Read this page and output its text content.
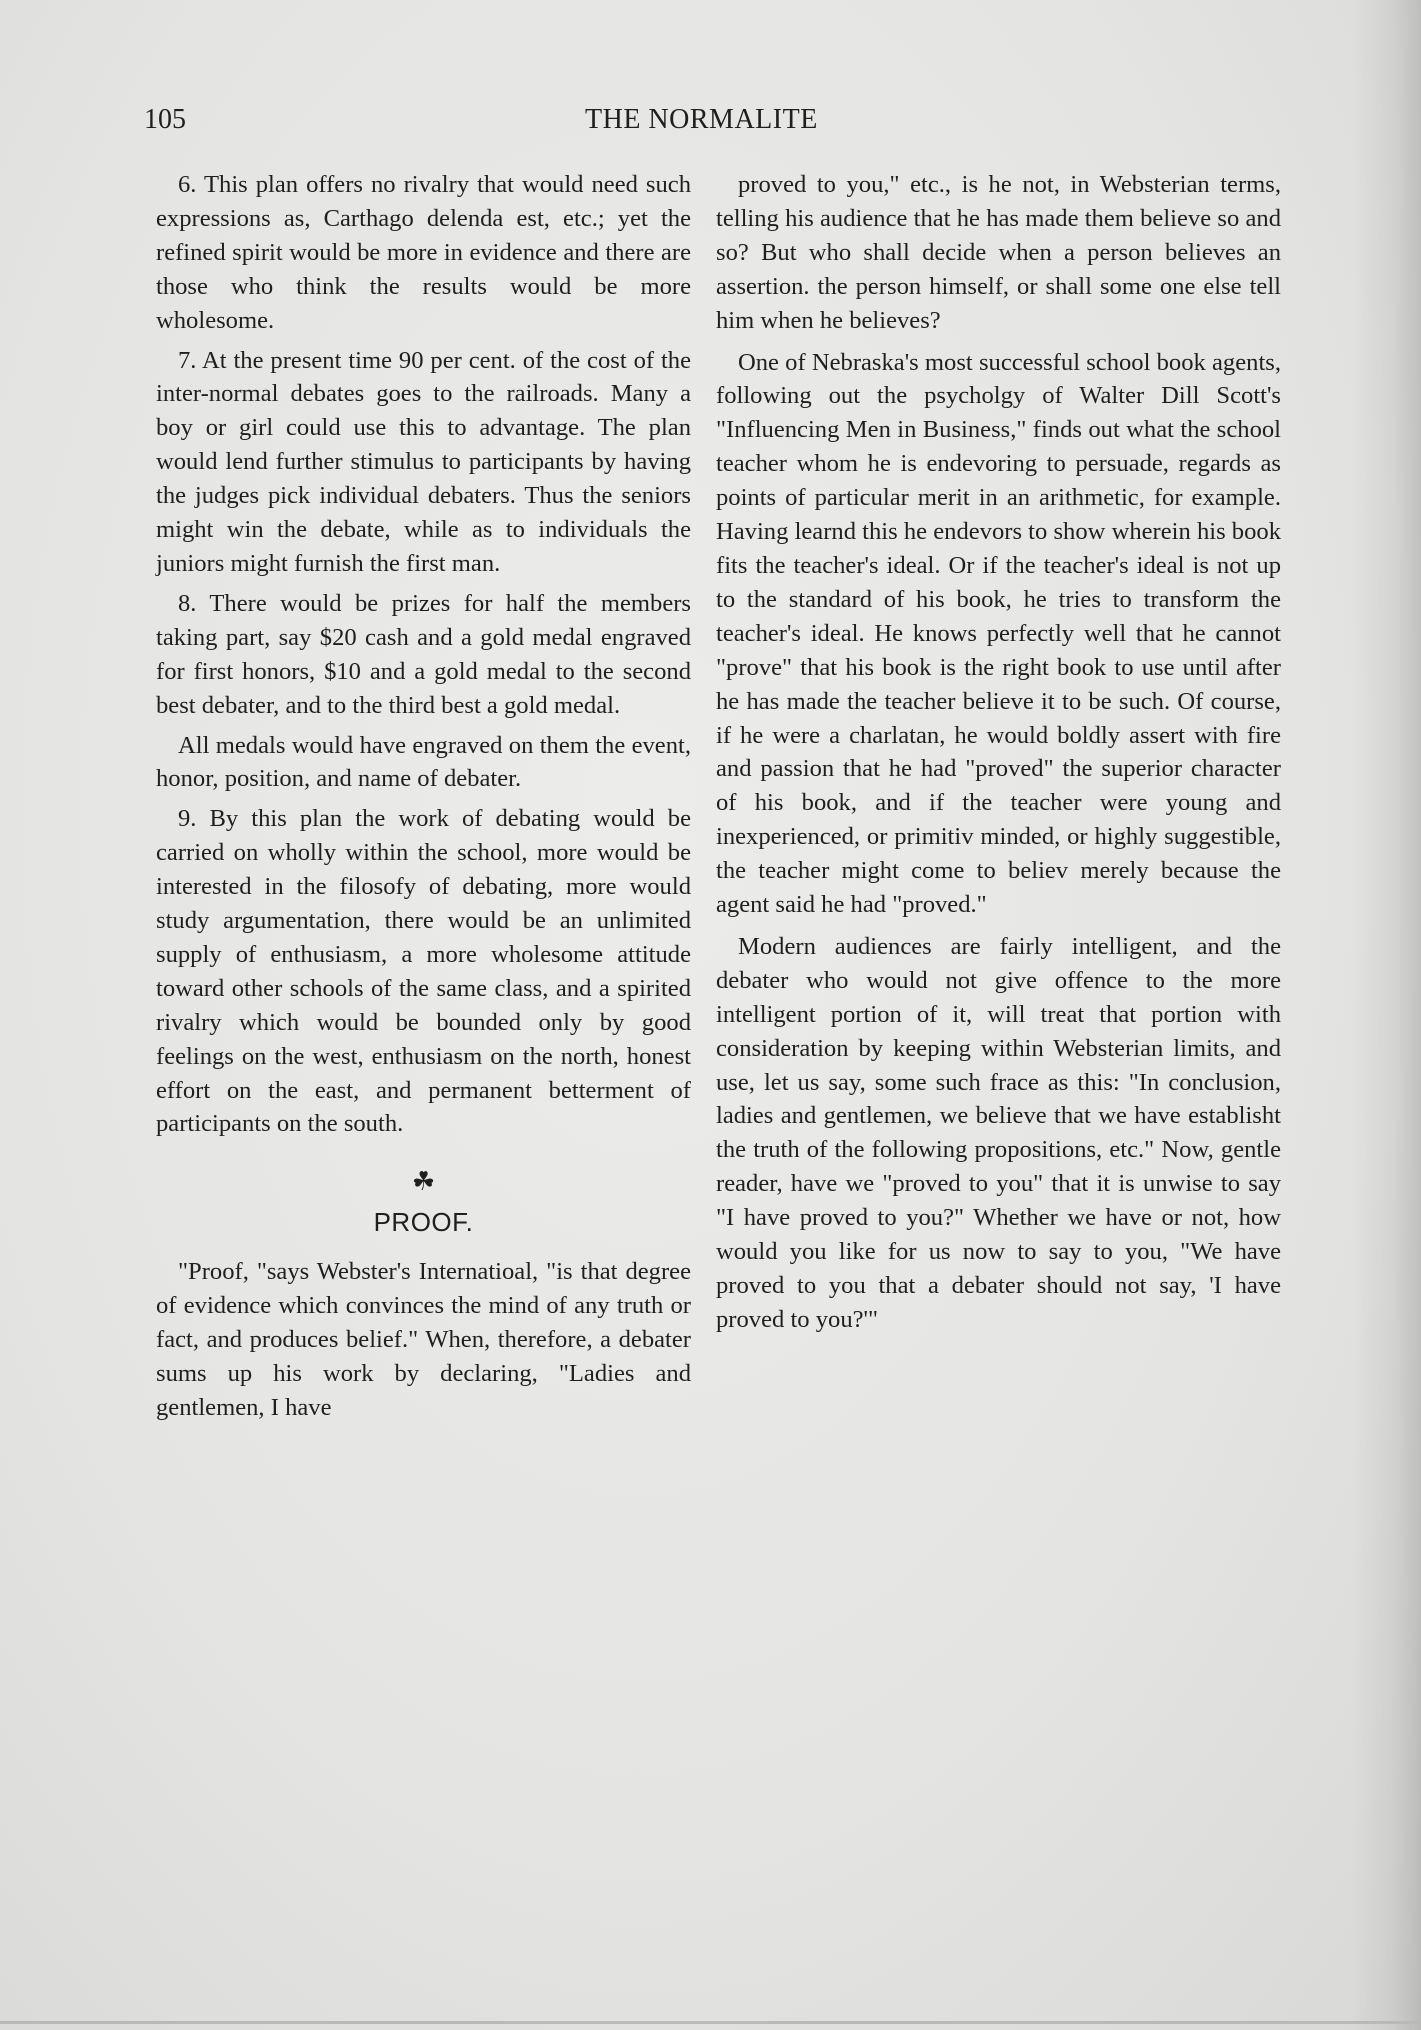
105	THE NORMALITE

6. This plan offers no rivalry that would need such expressions as, Carthago delenda est, etc.; yet the refined spirit would be more in evidence and there are those who think the results would be more wholesome.

7. At the present time 90 per cent. of the cost of the inter-normal debates goes to the railroads. Many a boy or girl could use this to advantage. The plan would lend further stimulus to participants by having the judges pick individual debaters. Thus the seniors might win the debate, while as to individuals the juniors might furnish the first man.

8. There would be prizes for half the members taking part, say $20 cash and a gold medal engraved for first honors, $10 and a gold medal to the second best debater, and to the third best a gold medal.

All medals would have engraved on them the event, honor, position, and name of debater.

9. By this plan the work of debating would be carried on wholly within the school, more would be interested in the filosofy of debating, more would study argumentation, there would be an unlimited supply of enthusiasm, a more wholesome attitude toward other schools of the same class, and a spirited rivalry which would be bounded only by good feelings on the west, enthusiasm on the north, honest effort on the east, and permanent betterment of participants on the south.

☘
PROOF.

"Proof, "says Webster's Internatioal, "is that degree of evidence which convinces the mind of any truth or fact, and produces belief." When, therefore, a debater sums up his work by declaring, "Ladies and gentlemen, I have

proved to you," etc., is he not, in Websterian terms, telling his audience that he has made them believe so and so? But who shall decide when a person believes an assertion. the person himself, or shall some one else tell him when he believes?

One of Nebraska's most successful school book agents, following out the psycholgy of Walter Dill Scott's "Influencing Men in Business," finds out what the school teacher whom he is endevoring to persuade, regards as points of particular merit in an arithmetic, for example. Having learnd this he endevors to show wherein his book fits the teacher's ideal. Or if the teacher's ideal is not up to the standard of his book, he tries to transform the teacher's ideal. He knows perfectly well that he cannot "prove" that his book is the right book to use until after he has made the teacher believe it to be such. Of course, if he were a charlatan, he would boldly assert with fire and passion that he had "proved" the superior character of his book, and if the teacher were young and inexperienced, or primitiv minded, or highly suggestible, the teacher might come to believ merely because the agent said he had "proved."

Modern audiences are fairly intelligent, and the debater who would not give offence to the more intelligent portion of it, will treat that portion with consideration by keeping within Websterian limits, and use, let us say, some such frace as this: "In conclusion, ladies and gentlemen, we believe that we have establisht the truth of the following propositions, etc." Now, gentle reader, have we "proved to you" that it is unwise to say "I have proved to you?" Whether we have or not, how would you like for us now to say to you, "We have proved to you that a debater should not say, 'I have proved to you?'"
